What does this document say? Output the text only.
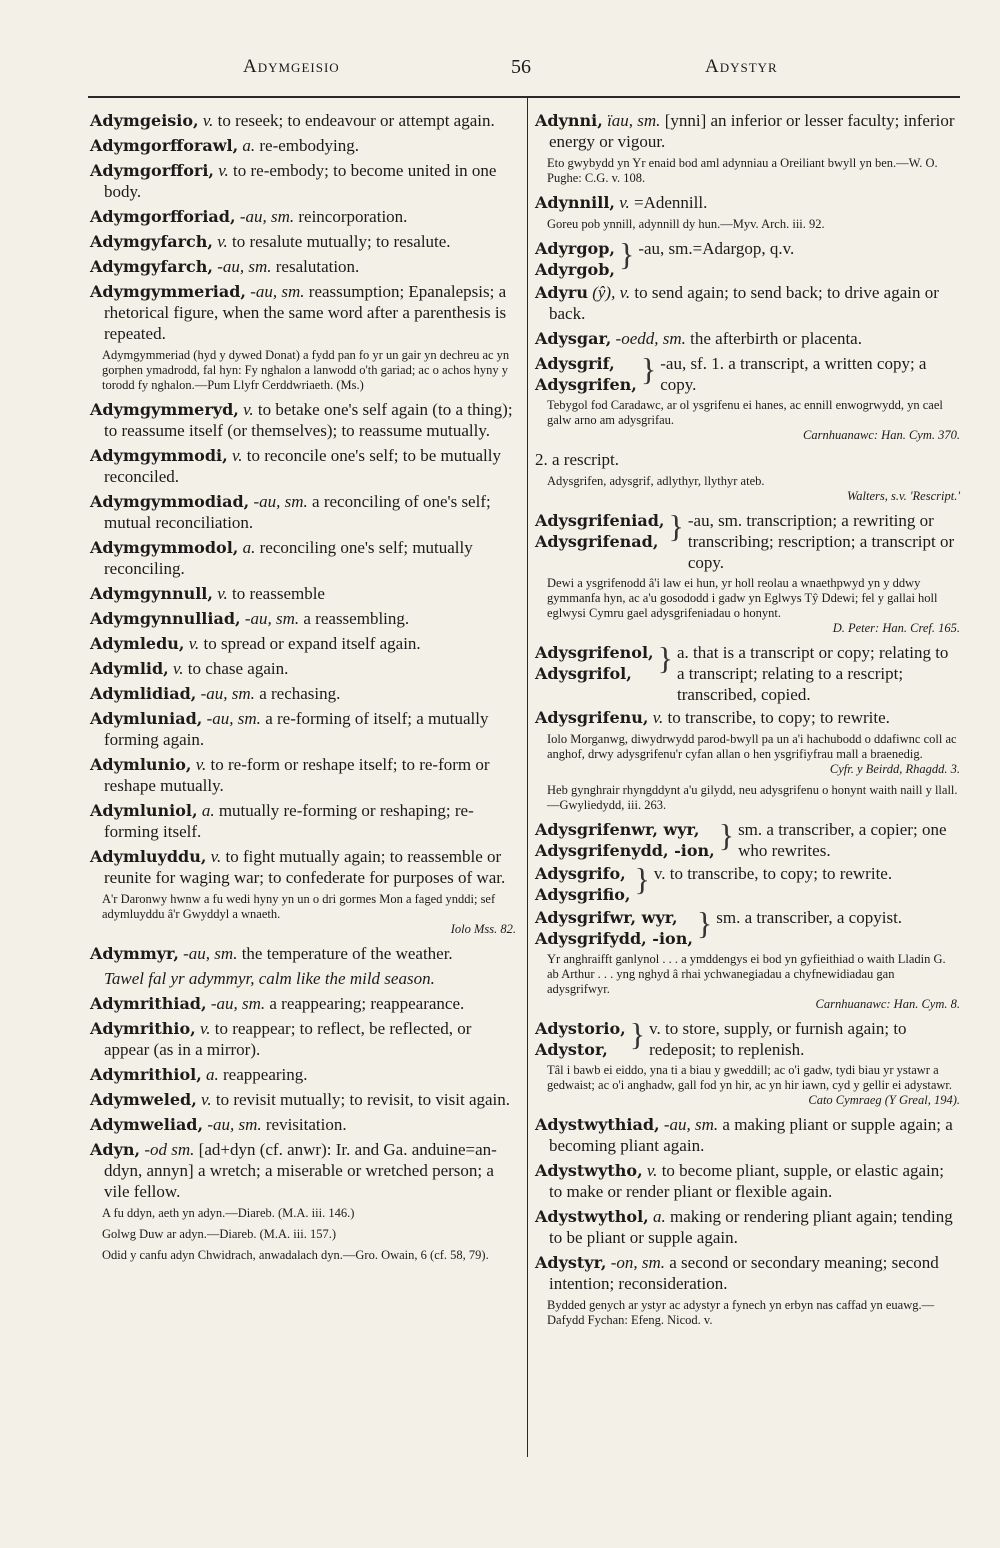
Adymgeisio	56	Adystyr
Adymgeisio, v. to reseek; to endeavour or attempt again.
Adymgorfforawl, a. re-embodying.
Adymgorffori, v. to re-embody; to become united in one body.
Adymgorfforiad, -au, sm. reincorporation.
Adymgyfarch, v. to resalute mutually; to resalute.
Adymgyfarch, -au, sm. resalutation.
Adymgymmeriad, -au, sm. reassumption; Epanalepsis; a rhetorical figure, when the same word after a parenthesis is repeated.
Adymgymmeriad (hyd y dywed Donat) a fydd pan fo yr un gair yn dechreu ac yn gorphen ymadrodd, fal hyn: Fy nghalon a lanwodd o'th gariad; ac o achos hyny y torodd fy nghalon.—Pum Llyfr Cerddwriaeth. (Ms.)
Adymgymmeryd, v. to betake one's self again (to a thing); to reassume itself (or themselves); to reassume mutually.
Adymgymmodi, v. to reconcile one's self; to be mutually reconciled.
Adymgymmodiad, -au, sm. a reconciling of one's self; mutual reconciliation.
Adymgymmodol, a. reconciling one's self; mutually reconciling.
Adymgynnull, v. to reassemble
Adymgynnulliad, -au, sm. a reassembling.
Adymledu, v. to spread or expand itself again.
Adymlid, v. to chase again.
Adymlidiad, -au, sm. a rechasing.
Adymluniad, -au, sm. a re-forming of itself; a mutually forming again.
Adymlunio, v. to re-form or reshape itself; to re-form or reshape mutually.
Adymluniol, a. mutually re-forming or reshaping; re-forming itself.
Adymluyddu, v. to fight mutually again; to reassemble or reunite for waging war; to confederate for purposes of war.
A'r Daronwy hwnw a fu wedi hyny yn un o dri gormes Mon a faged ynddi; sef adymluyddu â'r Gwyddyl a wnaeth.
Iolo Mss. 82.
Adymmyr, -au, sm. the temperature of the weather.
Tawel fal yr adymmyr, calm like the mild season.
Adymrithiad, -au, sm. a reappearing; reappearance.
Adymrithio, v. to reappear; to reflect, be reflected, or appear (as in a mirror).
Adymrithiol, a. reappearing.
Adymweled, v. to revisit mutually; to revisit, to visit again.
Adymweliad, -au, sm. revisitation.
Adyn, -od sm. [ad+dyn (cf. anwr): Ir. and Ga. anduine=an-ddyn, annyn] a wretch; a miserable or wretched person; a vile fellow.
A fu ddyn, aeth yn adyn.—Diareb. (M.A. iii. 146.)
Golwg Duw ar adyn.—Diareb. (M.A. iii. 157.)
Odid y canfu adyn Chwidrach, anwadalach dyn.—Gro. Owain, 6 (cf. 58, 79).
Adynni, ïau, sm. [ynni] an inferior or lesser faculty; inferior energy or vigour.
Eto gwybydd yn Yr enaid bod aml adynniau a Oreiliant bwyll yn ben.—W. O. Pughe: C.G. v. 108.
Adynnill, v. =Adennill.
Goreu pob ynnill, adynnill dy hun.—Myv. Arch. iii. 92.
Adyrgop,
Adyrgob, } -au, sm.=Adargop, q.v.
Adyru (ŷ), v. to send again; to send back; to drive again or back.
Adysgar, -oedd, sm. the afterbirth or placenta.
Adysgrif,
Adysgrifen, } -au, sf. 1. a transcript, a written copy; a copy.
Tebygol fod Caradawc, ar ol ysgrifenu ei hanes, ac ennill enwogrwydd, yn cael galw arno am adysgrifau.
Carnhuanawc: Han. Cym. 370.
2. a rescript.
Adysgrifen, adysgrif, adlythyr, llythyr ateb.
Walters, s.v. 'Rescript.'
Adysgrifeniad,
Adysgrifenad, } -au, sm. transcription; a rewriting or transcribing; rescription; a transcript or copy.
Dewi a ysgrifenodd â'i law ei hun, yr holl reolau a wnaethpwyd yn y ddwy gymmanfa hyn, ac a'u gosododd i gadw yn Eglwys Tŷ Ddewi; fel y gallai holl eglwysi Cymru gael adysgrifeniadau o honynt.
D. Peter: Han. Cref. 165.
Adysgrifenol,
Adysgrifol, } a. that is a transcript or copy; relating to a transcript; relating to a rescript; transcribed, copied.
Adysgrifenu, v. to transcribe, to copy; to rewrite.
Iolo Morganwg, diwydrwydd parod-bwyll pa un a'i hachubodd o ddafiwnc coll ac anghof, drwy adysgrifenu'r cyfan allan o hen ysgrifiyfrau mall a braenedig.
Cyfr. y Beirdd, Rhagdd. 3.
Heb gynghrair rhyngddynt a'u gilydd, neu adysgrifenu o honynt waith naill y llall.—Gwyliedydd, iii. 263.
Adysgrifenwr, wyr,
Adysgrifenydd, -ion, } sm. a transcriber, a copier; one who rewrites.
Adysgrifo,
Adysgrifio, } v. to transcribe, to copy; to rewrite.
Adysgrifwr, wyr,
Adysgrifydd, -ion, } sm. a transcriber, a copyist.
Yr anghraifft ganlynol . . . a ymddengys ei bod yn gyfieithiad o waith Lladin G. ab Arthur . . . yng nghyd â rhai ychwanegiadau a chyfnewidiadau gan adysgrifwyr.
Carnhuanawc: Han. Cym. 8.
Adystorio,
Adystor, } v. to store, supply, or furnish again; to redeposit; to replenish.
Tâl i bawb ei eiddo, yna ti a biau y gweddill; ac o'i gadw, tydi biau yr ystawr a gedwaist; ac o'i anghadw, gall fod yn hir, ac yn hir iawn, cyd y gellir ei adystawr.
Cato Cymraeg (Y Greal, 194).
Adystwythiad, -au, sm. a making pliant or supple again; a becoming pliant again.
Adystwytho, v. to become pliant, supple, or elastic again; to make or render pliant or flexible again.
Adystwythol, a. making or rendering pliant again; tending to be pliant or supple again.
Adystyr, -on, sm. a second or secondary meaning; second intention; reconsideration.
Bydded genych ar ystyr ac adystyr a fynech yn erbyn nas caffad yn euawg.—Dafydd Fychan: Efeng. Nicod. v.
